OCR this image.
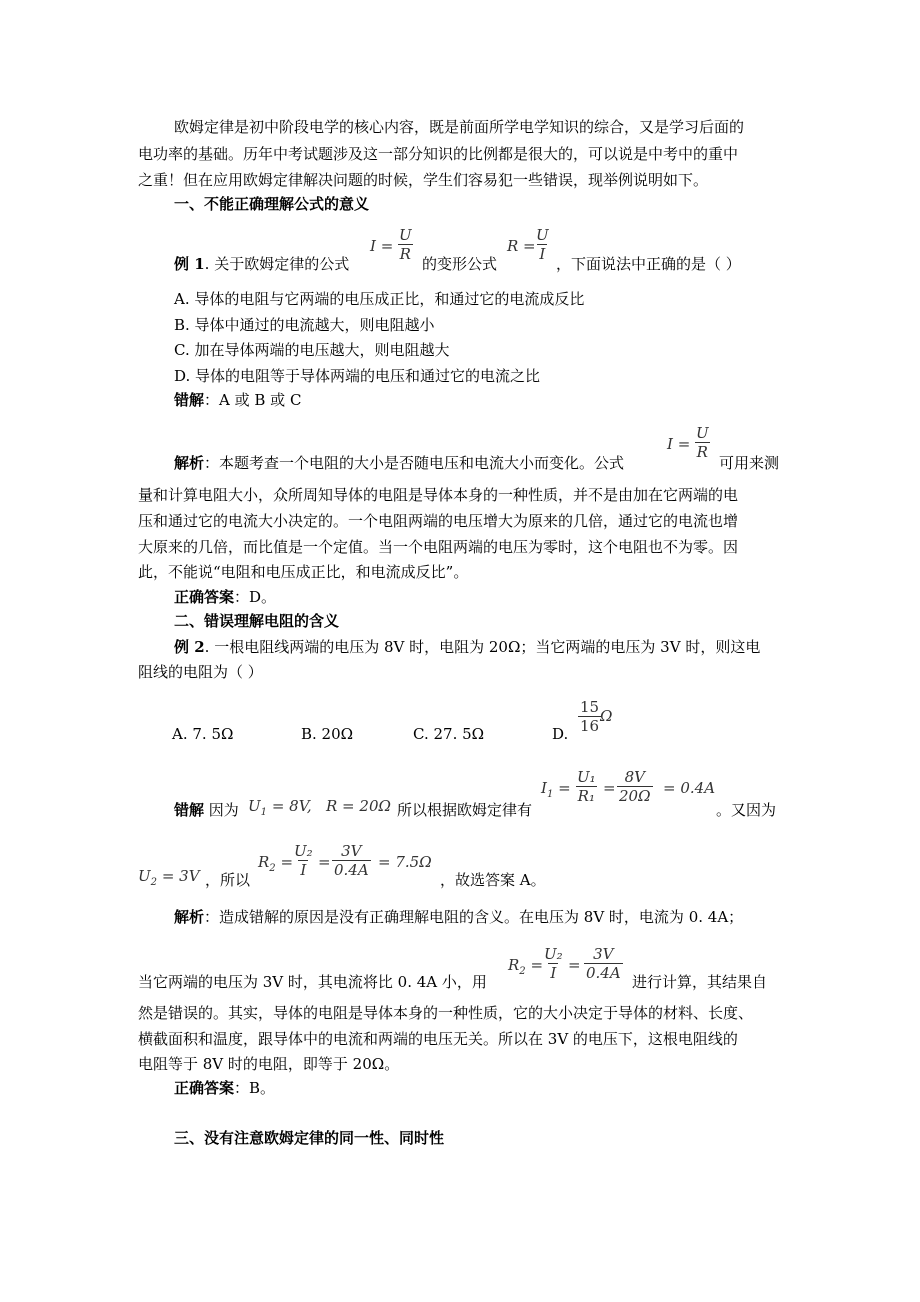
欧姆定律是初中阶段电学的核心内容，既是前面所学电学知识的综合，又是学习后面的
电功率的基础。历年中考试题涉及这一部分知识的比例都是很大的，可以说是中考中的重中
之重！但在应用欧姆定律解决问题的时候，学生们容易犯一些错误，现举例说明如下。
一、不能正确理解公式的意义
例 1. 关于欧姆定律的公式
$I = \frac{U}{R}$
的变形公式
R =
$\frac{U}{I}$
，下面说法中正确的是（ ）
A. 导体的电阻与它两端的电压成正比，和通过它的电流成反比
B. 导体中通过的电流越大，则电阻越小
C. 加在导体两端的电压越大，则电阻越大
D. 导体的电阻等于导体两端的电压和通过它的电流之比
错解：A 或 B 或 C
解析：本题考查一个电阻的大小是否随电压和电流大小而变化。公式
$I = \frac{U}{R}$
可用来测
量和计算电阻大小，众所周知导体的电阻是导体本身的一种性质，并不是由加在它两端的电
压和通过它的电流大小决定的。一个电阻两端的电压增大为原来的几倍，通过它的电流也增
大原来的几倍，而比值是一个定值。当一个电阻两端的电压为零时，这个电阻也不为零。因
此，不能说“电阻和电压成正比，和电流成反比”。
正确答案：D。
二、错误理解电阻的含义
例 2. 一根电阻线两端的电压为 8V 时，电阻为 20Ω；当它两端的电压为 3V 时，则这电
阻线的电阻为（ ）
A. 7. 5Ω	B. 20Ω	C. 27. 5Ω	D. $\frac{15}{16}$
Ω
错解 因为 $U_1 = 8V$, R = 20Ω 所以根据欧姆定律有
$I_1 = \frac{\text{U₁}}{\text{R₁}} = \frac{8V}{20\Omega} = 0.4A$
。又因为
$U_2 = 3V$ ，所以
$R_2$ =
$\frac{\text{U₂}}{I} = \frac{3V}{0.4A} = 7.5\Omega$
，故选答案 A。
解析：造成错解的原因是没有正确理解电阻的含义。在电压为 8V 时，电流为 0. 4A；
当它两端的电压为 3V 时，其电流将比 0. 4A 小，用
$R_2$ =
$\frac{\text{U₂}}{I} = \frac{3V}{0.4A}$ 进行计算，其结果自
然是错误的。其实，导体的电阻是导体本身的一种性质，它的大小决定于导体的材料、长度、
横截面积和温度，跟导体中的电流和两端的电压无关。所以在 3V 的电压下，这根电阻线的
电阻等于 8V 时的电阻，即等于 20Ω。
正确答案：B。
三、没有注意欧姆定律的同一性、同时性
